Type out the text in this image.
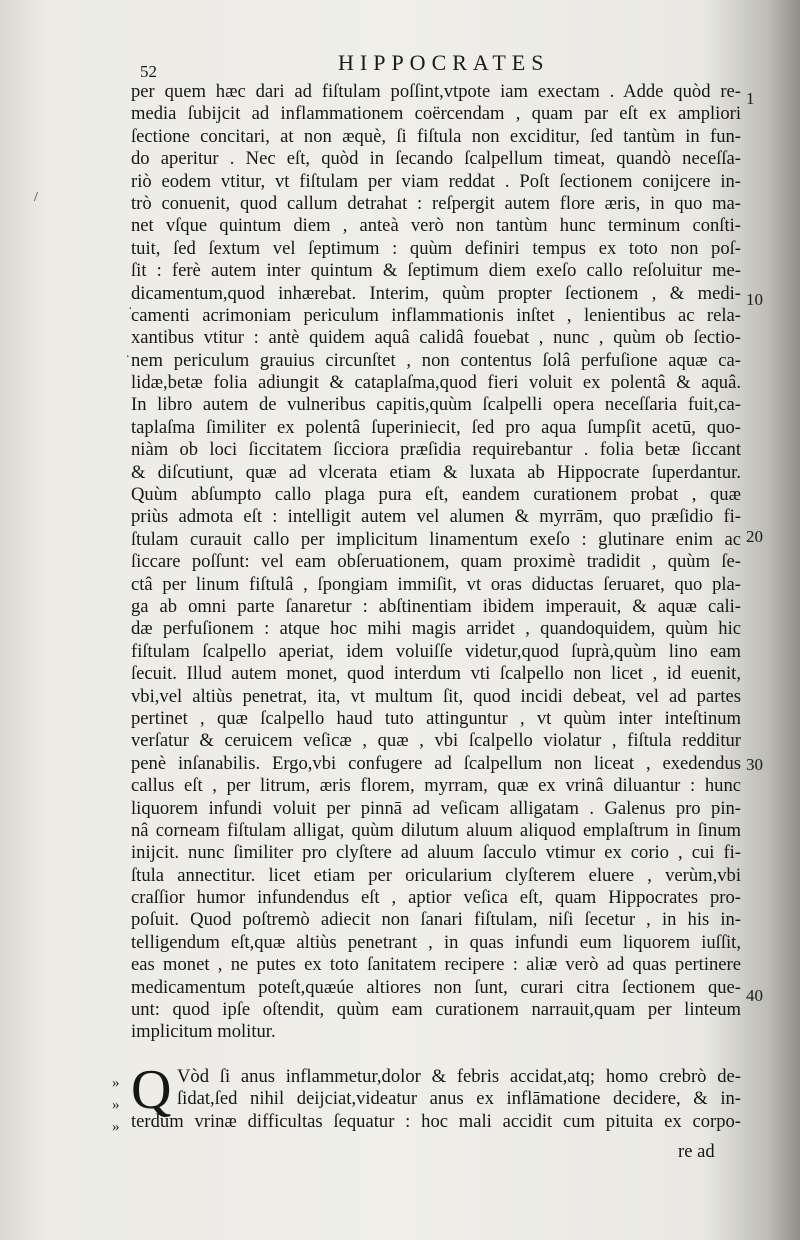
52	HIPPOCRATES
per quem hæc dari ad fiſtulam poſſint,vtpote iam exectam . Adde quòd re-
media ſubijcit ad inflammationem coërcendam , quam par eſt ex ampliori
ſectione concitari, at non æquè, ſi fiſtula non exciditur, ſed tantùm in fun-
do aperitur . Nec eſt, quòd in ſecando ſcalpellum timeat, quandò neceſſa-
riò eodem vtitur, vt fiſtulam per viam reddat . Poſt ſectionem conijcere in-
trò conuenit, quod callum detrahat : reſpergit autem flore æris, in quo ma-
net vſque quintum diem , anteà verò non tantùm hunc terminum conſti-
tuit, ſed ſextum vel ſeptimum : quùm definiri tempus ex toto non poſ-
ſit : ferè autem inter quintum & ſeptimum diem exeſo callo reſoluitur me-
dicamentum,quod inhærebat. Interim, quùm propter ſectionem , & medi-
camenti acrimoniam periculum inflammationis inſtet , lenientibus ac rela-
xantibus vtitur : antè quidem aquâ calidâ fouebat , nunc , quùm ob ſectio-
nem periculum grauius circunſtet , non contentus ſolâ perfuſione aquæ ca-
lidæ,betæ folia adiungit & cataplaſma,quod fieri voluit ex polentâ & aquâ.
In libro autem de vulneribus capitis,quùm ſcalpelli opera neceſſaria fuit,ca-
taplaſma ſimiliter ex polentâ ſuperiniecit, ſed pro aqua ſumpſit acetū, quo-
niàm ob loci ſiccitatem ſicciora præſidia requirebantur . folia betæ ſiccant
& diſcutiunt, quæ ad vlcerata etiam & luxata ab Hippocrate ſuperdantur.
Quùm abſumpto callo plaga pura eſt, eandem curationem probat , quæ
priùs admota eſt : intelligit autem vel alumen & myrrām, quo præſidio fi-
ſtulam curauit callo per implicitum linamentum exeſo : glutinare enim ac
ſiccare poſſunt: vel eam obſeruationem, quam proximè tradidit , quùm ſe-
ctâ per linum fiſtulâ , ſpongiam immiſit, vt oras diductas ſeruaret, quo pla-
ga ab omni parte ſanaretur : abſtinentiam ibidem imperauit, & aquæ cali-
dæ perfuſionem : atque hoc mihi magis arridet , quandoquidem, quùm hic
fiſtulam ſcalpello aperiat, idem voluiſſe videtur,quod ſuprà,quùm lino eam
ſecuit. Illud autem monet, quod interdum vti ſcalpello non licet , id euenit,
vbi,vel altiùs penetrat, ita, vt multum ſit, quod incidi debeat, vel ad partes
pertinet , quæ ſcalpello haud tuto attinguntur , vt quùm inter inteſtinum
verſatur & ceruicem veſicæ , quæ , vbi ſcalpello violatur , fiſtula redditur
penè inſanabilis. Ergo,vbi confugere ad ſcalpellum non liceat , exedendus
callus eſt , per litrum, æris florem, myrram, quæ ex vrinâ diluantur : hunc
liquorem infundi voluit per pinnā ad veſicam alligatam . Galenus pro pin-
nâ corneam fiſtulam alligat, quùm dilutum aluum aliquod emplaſtrum in ſinum
inijcit. nunc ſimiliter pro clyſtere ad aluum ſacculo vtimur ex corio , cui fi-
ſtula annectitur. licet etiam per oricularium clyſterem eluere , verùm,vbi
craſſior humor infundendus eſt , aptior veſica eſt, quam Hippocrates pro-
poſuit. Quod poſtremò adiecit non ſanari fiſtulam, niſi ſecetur , in his in-
telligendum eſt,quæ altiùs penetrant , in quas infundi eum liquorem iuſſit,
eas monet , ne putes ex toto ſanitatem recipere : aliæ verò ad quas pertinere
medicamentum poteſt,quæúe altiores non ſunt, curari citra ſectionem que-
unt: quod ipſe oſtendit, quùm eam curationem narrauit,quam per linteum
implicitum molitur.
1
10
20
30
40
/
·
.
»
»
»
Q Vòd ſi anus inflammetur,dolor & febris accidat,atq; homo crebrò de-
ſidat,ſed nihil deijciat,videatur anus ex inflāmatione decidere, & in-
terdum vrinæ difficultas ſequatur : hoc mali accidit cum pituita ex corpo-
re ad
